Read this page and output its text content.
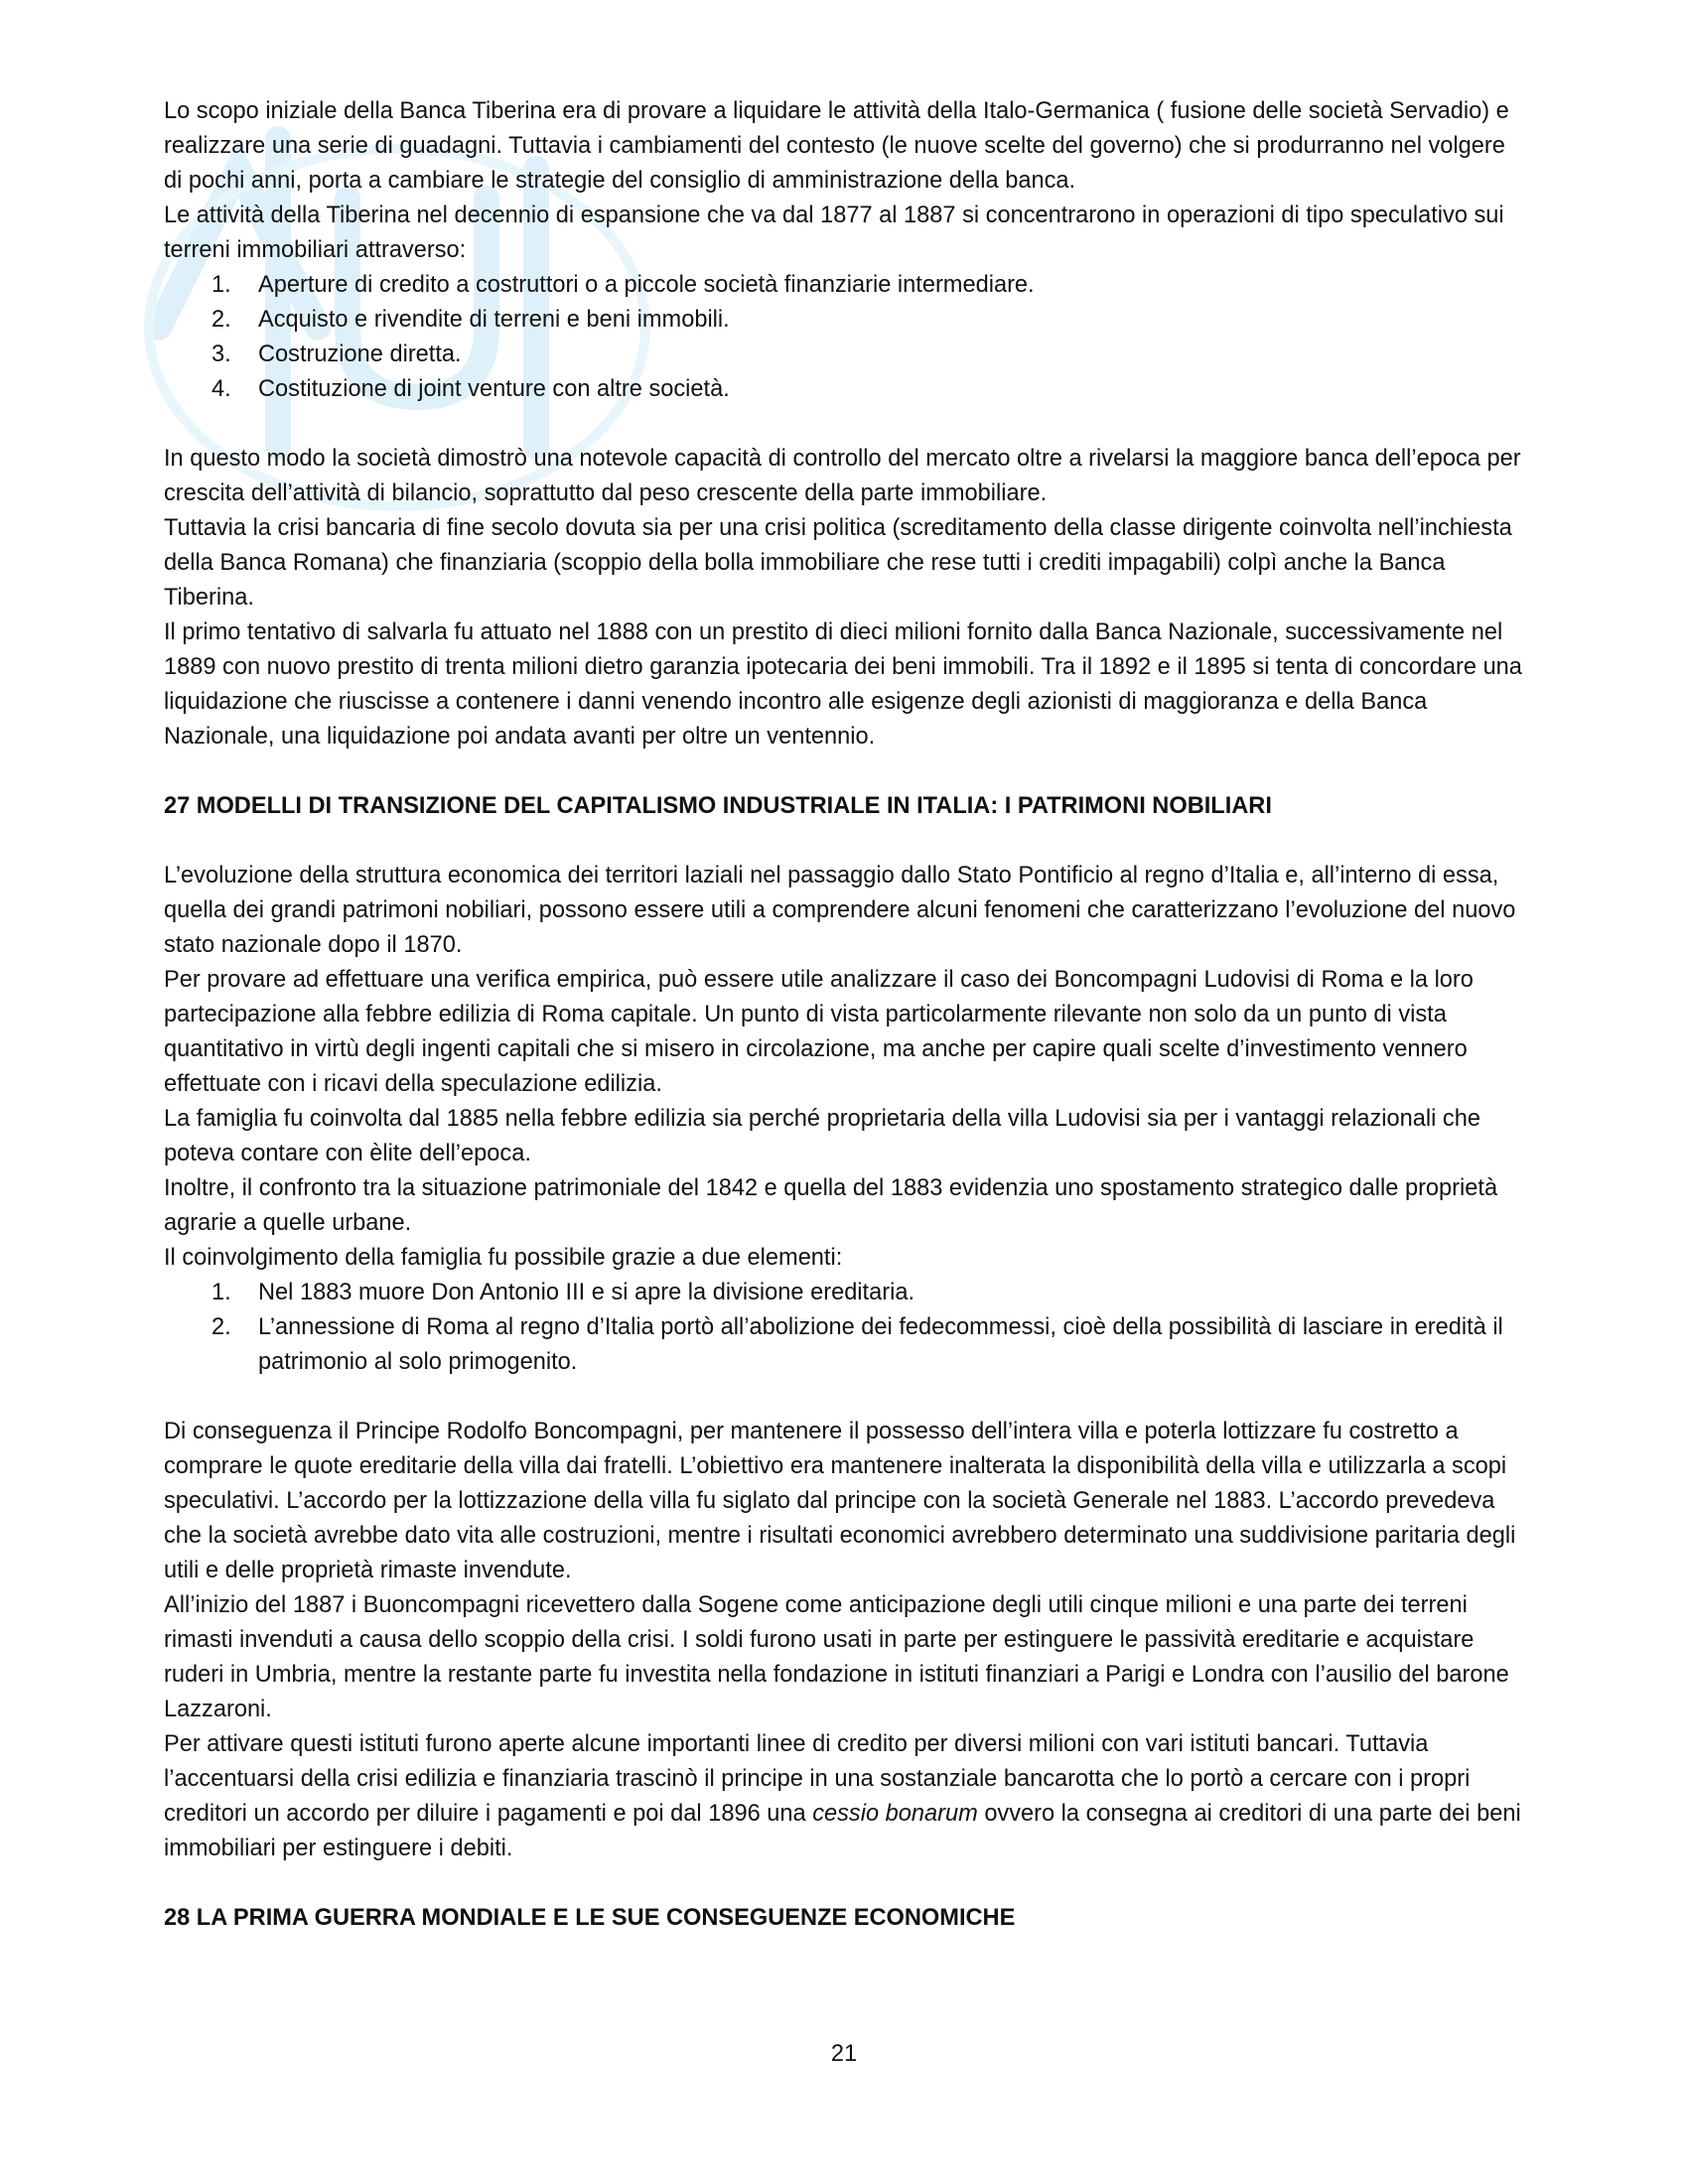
Lo scopo iniziale della Banca Tiberina era di provare a liquidare le attività della Italo-Germanica ( fusione delle società Servadio) e realizzare una serie di guadagni. Tuttavia i cambiamenti del contesto (le nuove scelte del governo) che si produrranno nel volgere di pochi anni, porta a cambiare le strategie del consiglio di amministrazione della banca.

Le attività della Tiberina nel decennio di espansione che va dal 1877 al 1887 si concentrarono in operazioni di tipo speculativo sui terreni immobiliari attraverso:

1. Aperture di credito a costruttori o a piccole società finanziarie intermediare.
2. Acquisto e rivendite di terreni e beni immobili.
3. Costruzione diretta.
4. Costituzione di joint venture con altre società.

In questo modo la società dimostrò una notevole capacità di controllo del mercato oltre a rivelarsi la maggiore banca dell’epoca per crescita dell’attività di bilancio, soprattutto dal peso crescente della parte immobiliare.

Tuttavia la crisi bancaria di fine secolo dovuta sia per una crisi politica (screditamento della classe dirigente coinvolta nell’inchiesta della Banca Romana) che finanziaria (scoppio della bolla immobiliare che rese tutti i crediti impagabili) colpì anche la Banca Tiberina.

Il primo tentativo di salvarla fu attuato nel 1888 con un prestito di dieci milioni fornito dalla Banca Nazionale, successivamente nel 1889 con nuovo prestito di trenta milioni dietro garanzia ipotecaria dei beni immobili. Tra il 1892 e il 1895 si tenta di concordare una liquidazione che riuscisse a contenere i danni venendo incontro alle esigenze degli azionisti di maggioranza e della Banca Nazionale, una liquidazione poi andata avanti per oltre un ventennio.

27 MODELLI DI TRANSIZIONE DEL CAPITALISMO INDUSTRIALE IN ITALIA: I PATRIMONI NOBILIARI

L’evoluzione della struttura economica dei territori laziali nel passaggio dallo Stato Pontificio al regno d’Italia e, all’interno di essa, quella dei grandi patrimoni nobiliari, possono essere utili a comprendere alcuni fenomeni che caratterizzano l’evoluzione del nuovo stato nazionale dopo il 1870.

Per provare ad effettuare una verifica empirica, può essere utile analizzare il caso dei Boncompagni Ludovisi di Roma e la loro partecipazione alla febbre edilizia di Roma capitale. Un punto di vista particolarmente rilevante non solo da un punto di vista quantitativo in virtù degli ingenti capitali che si misero in circolazione, ma anche per capire quali scelte d’investimento vennero effettuate con i ricavi della speculazione edilizia.

La famiglia fu coinvolta dal 1885 nella febbre edilizia sia perché proprietaria della villa Ludovisi sia per i vantaggi relazionali che poteva contare con èlite dell’epoca.

Inoltre, il confronto tra la situazione patrimoniale del 1842 e quella del 1883 evidenzia uno spostamento strategico dalle proprietà agrarie a quelle urbane.

Il coinvolgimento della famiglia fu possibile grazie a due elementi:

1. Nel 1883 muore Don Antonio III e si apre la divisione ereditaria.
2. L’annessione di Roma al regno d’Italia portò all’abolizione dei fedecommessi, cioè della possibilità di lasciare in eredità il patrimonio al solo primogenito.

Di conseguenza il Principe Rodolfo Boncompagni, per mantenere il possesso dell’intera villa e poterla lottizzare fu costretto a comprare le quote ereditarie della villa dai fratelli. L’obiettivo era mantenere inalterata la disponibilità della villa e utilizzarla a scopi speculativi. L’accordo per la lottizzazione della villa fu siglato dal principe con la società Generale nel 1883. L’accordo prevedeva che la società avrebbe dato vita alle costruzioni, mentre i risultati economici avrebbero determinato una suddivisione paritaria degli utili e delle proprietà rimaste invendute.

All’inizio del 1887 i Buoncompagni ricevettero dalla Sogene come anticipazione degli utili cinque milioni e una parte dei terreni rimasti invenduti a causa dello scoppio della crisi. I soldi furono usati in parte per estinguere le passività ereditarie e acquistare ruderi in Umbria, mentre la restante parte fu investita nella fondazione in istituti finanziari a Parigi e Londra con l’ausilio del barone Lazzaroni.

Per attivare questi istituti furono aperte alcune importanti linee di credito per diversi milioni con vari istituti bancari. Tuttavia l’accentuarsi della crisi edilizia e finanziaria trascinò il principe in una sostanziale bancarotta che lo portò a cercare con i propri creditori un accordo per diluire i pagamenti e poi dal 1896 una cessio bonarum ovvero la consegna ai creditori di una parte dei beni immobiliari per estinguere i debiti.

28 LA PRIMA GUERRA MONDIALE E LE SUE CONSEGUENZE ECONOMICHE
21
